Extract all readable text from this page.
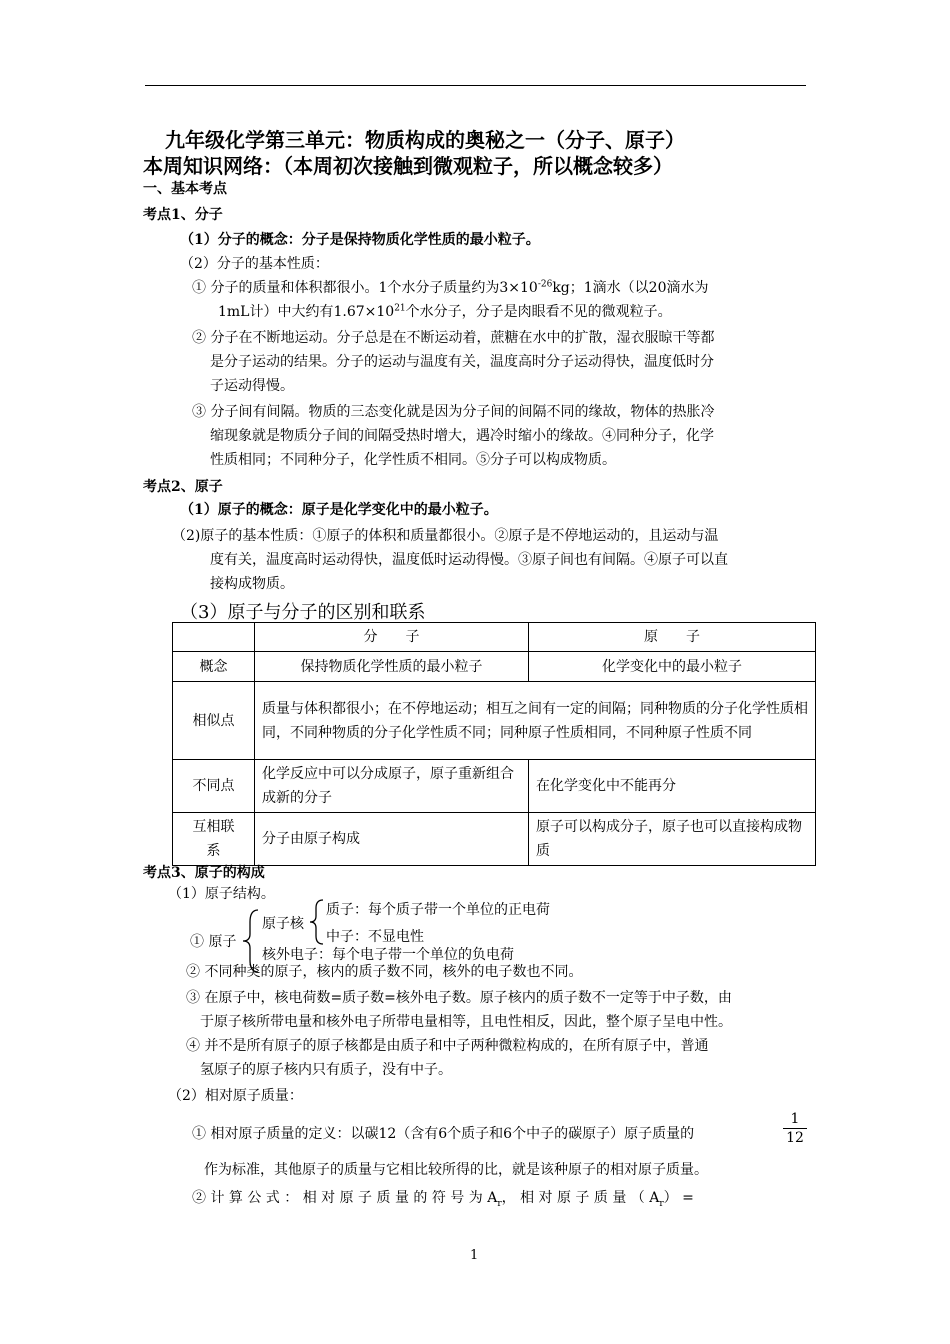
九年级化学第三单元：物质构成的奥秘之一（分子、原子）
本周知识网络：（本周初次接触到微观粒子，所以概念较多）
一、基本考点
考点1、分子
（1）分子的概念：分子是保持物质化学性质的最小粒子。
（2）分子的基本性质：
① 分子的质量和体积都很小。1个水分子质量约为$3\times 10^{-26}kg$；1滴水（以20滴水为
1mL计）中大约有$1.67\times 10^{21}$个水分子，分子是肉眼看不见的微观粒子。
② 分子在不断地运动。分子总是在不断运动着，蔗糖在水中的扩散，湿衣服晾干等都
是分子运动的结果。分子的运动与温度有关，温度高时分子运动得快，温度低时分
子运动得慢。
③ 分子间有间隔。物质的三态变化就是因为分子间的间隔不同的缘故，物体的热胀冷
缩现象就是物质分子间的间隔受热时增大，遇冷时缩小的缘故。④同种分子，化学
性质相同；不同种分子，化学性质不相同。⑤分子可以构成物质。
考点2、原子
（1）原子的概念：原子是化学变化中的最小粒子。
（2)原子的基本性质：①原子的体积和质量都很小。②原子是不停地运动的，且运动与温
度有关，温度高时运动得快，温度低时运动得慢。③原子间也有间隔。④原子可以直
接构成物质。
（3）原子与分子的区别和联系
	分　　子	原　　子
概念	保持物质化学性质的最小粒子	化学变化中的最小粒子
相似点	质量与体积都很小；在不停地运动；相互之间有一定的间隔；同种物质的分子化学性质相同，不同种物质的分子化学性质不同；同种原子性质相同，不同种原子性质不同	
不同点	化学反应中可以分成原子，原子重新组合成新的分子	在化学变化中不能再分
互相联系	分子由原子构成	原子可以构成分子，原子也可以直接构成物质
考点3、原子的构成
（1）原子结构。
① 原子
原子核
质子：每个质子带一个单位的正电荷
中子：不显电性
核外电子：每个电子带一个单位的负电荷
② 不同种类的原子，核内的质子数不同，核外的电子数也不同。
③ 在原子中，核电荷数=质子数=核外电子数。原子核内的质子数不一定等于中子数，由
于原子核所带电量和核外电子所带电量相等，且电性相反，因此，整个原子呈电中性。
④ 并不是所有原子的原子核都是由质子和中子两种微粒构成的，在所有原子中，普通
氢原子的原子核内只有质子，没有中子。
（2）相对原子质量：
① 相对原子质量的定义：以碳12（含有6个质子和6个中子的碳原子）原子质量的
1
12
作为标准，其他原子的质量与它相比较所得的比，就是该种原子的相对原子质量。
② 计 算 公 式 ： 相 对 原 子 质 量 的 符 号 为 $A_r$， 相 对 原 子 质 量 （ $A_r$） =
1
